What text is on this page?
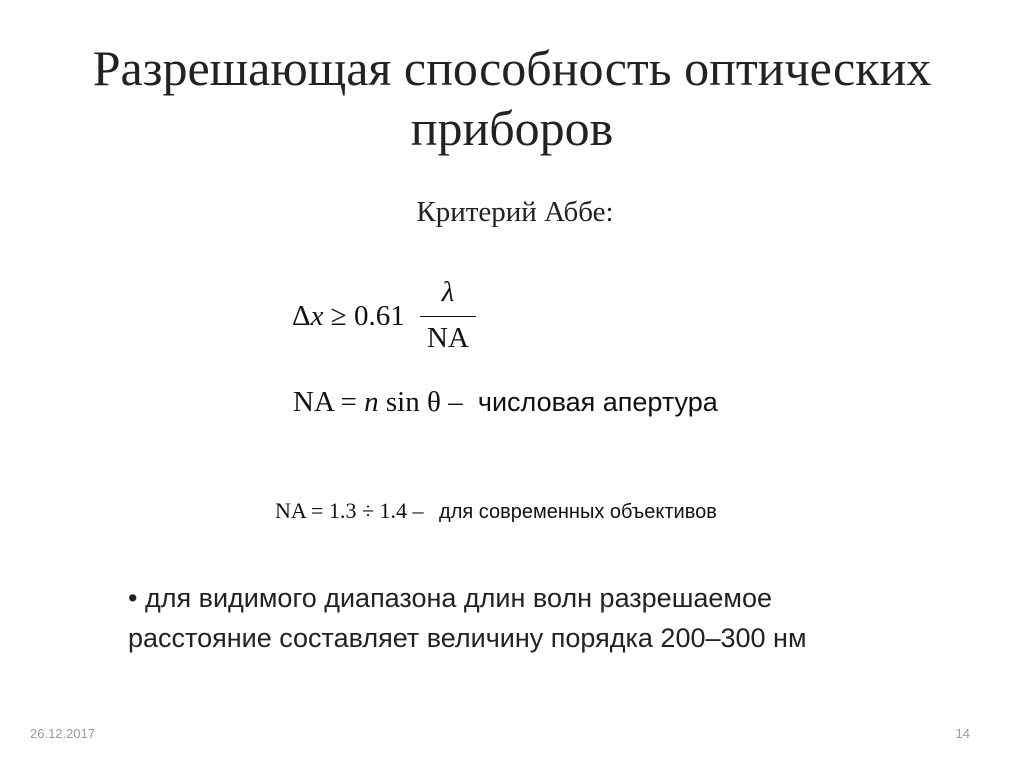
Разрешающая способность оптических
приборов
Критерий Аббе:
Δx ≥ 0.61
λ
NA
NA = n sin θ – числовая апертура
NA = 1.3 ÷ 1.4 – для современных объективов
• для видимого диапазона длин волн разрешаемое
расстояние составляет величину порядка 200–300 нм
26.12.2017	14
